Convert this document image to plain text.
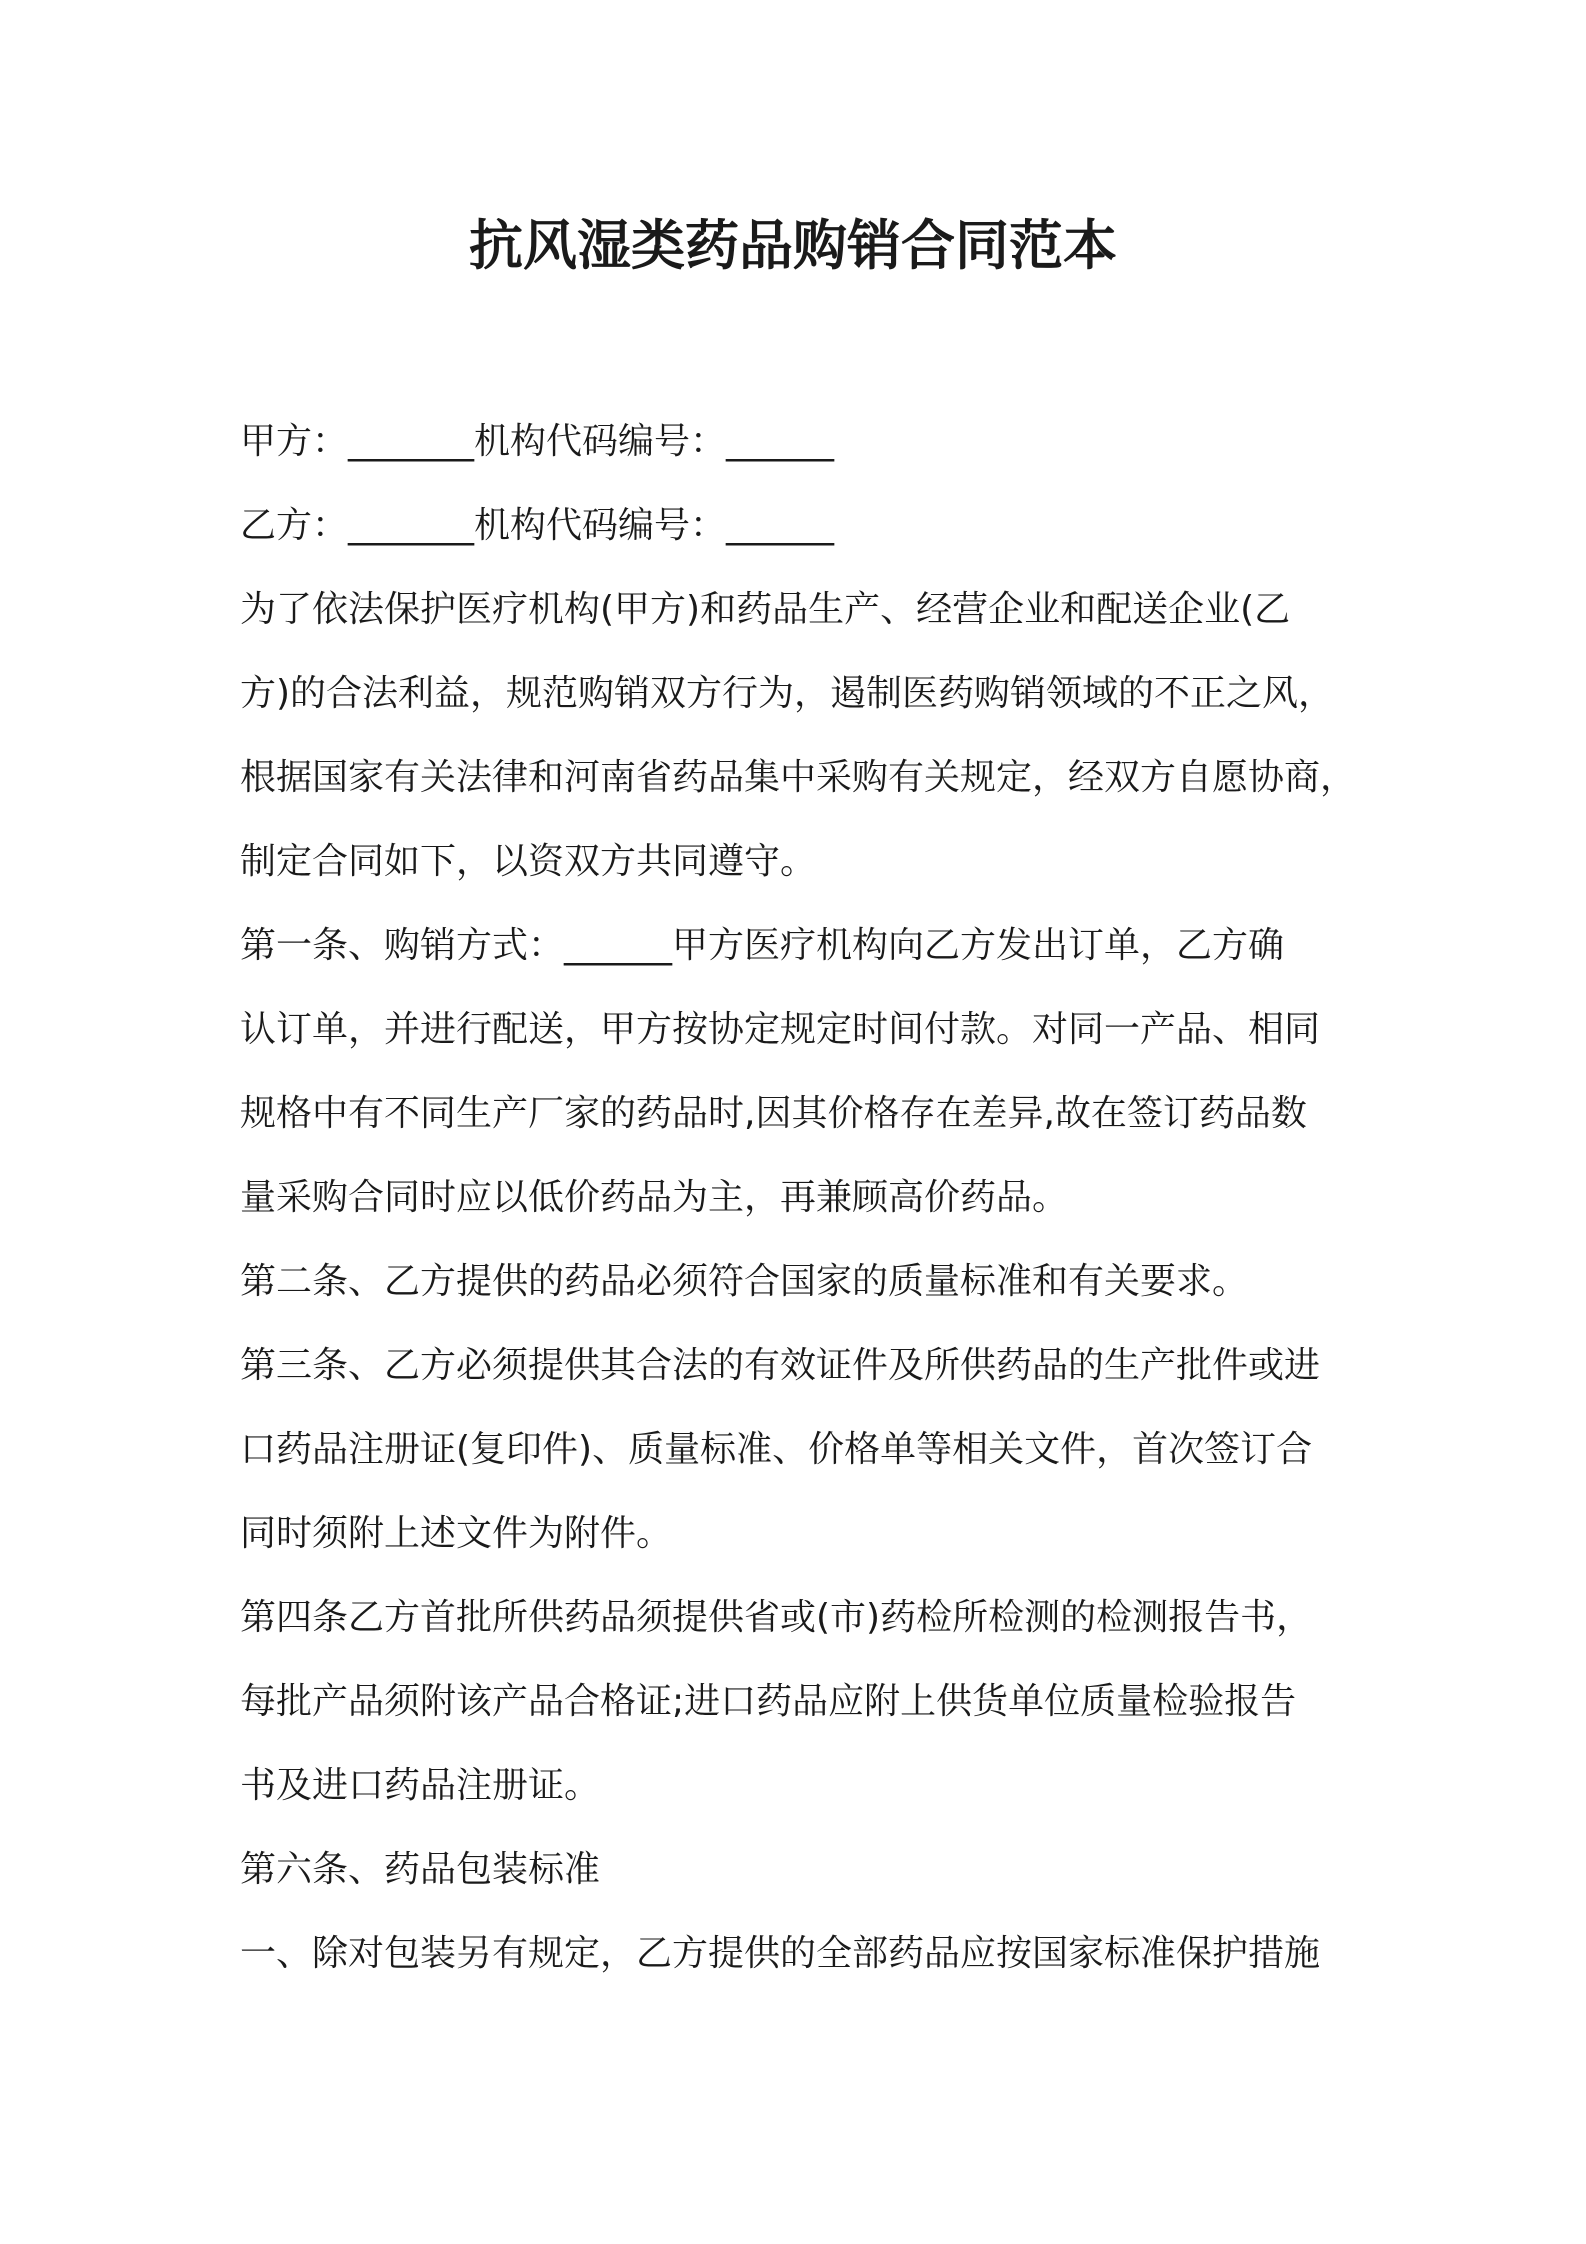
抗风湿类药品购销合同范本
甲方：_______机构代码编号：______
乙方：_______机构代码编号：______
为了依法保护医疗机构(甲方)和药品生产、经营企业和配送企业(乙
方)的合法利益，规范购销双方行为，遏制医药购销领域的不正之风，
根据国家有关法律和河南省药品集中采购有关规定，经双方自愿协商，
制定合同如下，以资双方共同遵守。
第一条、购销方式：______甲方医疗机构向乙方发出订单，乙方确
认订单，并进行配送，甲方按协定规定时间付款。对同一产品、相同
规格中有不同生产厂家的药品时,因其价格存在差异,故在签订药品数
量采购合同时应以低价药品为主，再兼顾高价药品。
第二条、乙方提供的药品必须符合国家的质量标准和有关要求。
第三条、乙方必须提供其合法的有效证件及所供药品的生产批件或进
口药品注册证(复印件)、质量标准、价格单等相关文件，首次签订合
同时须附上述文件为附件。
第四条乙方首批所供药品须提供省或(市)药检所检测的检测报告书，
每批产品须附该产品合格证;进口药品应附上供货单位质量检验报告
书及进口药品注册证。
第六条、药品包装标准
一、除对包装另有规定，乙方提供的全部药品应按国家标准保护措施
